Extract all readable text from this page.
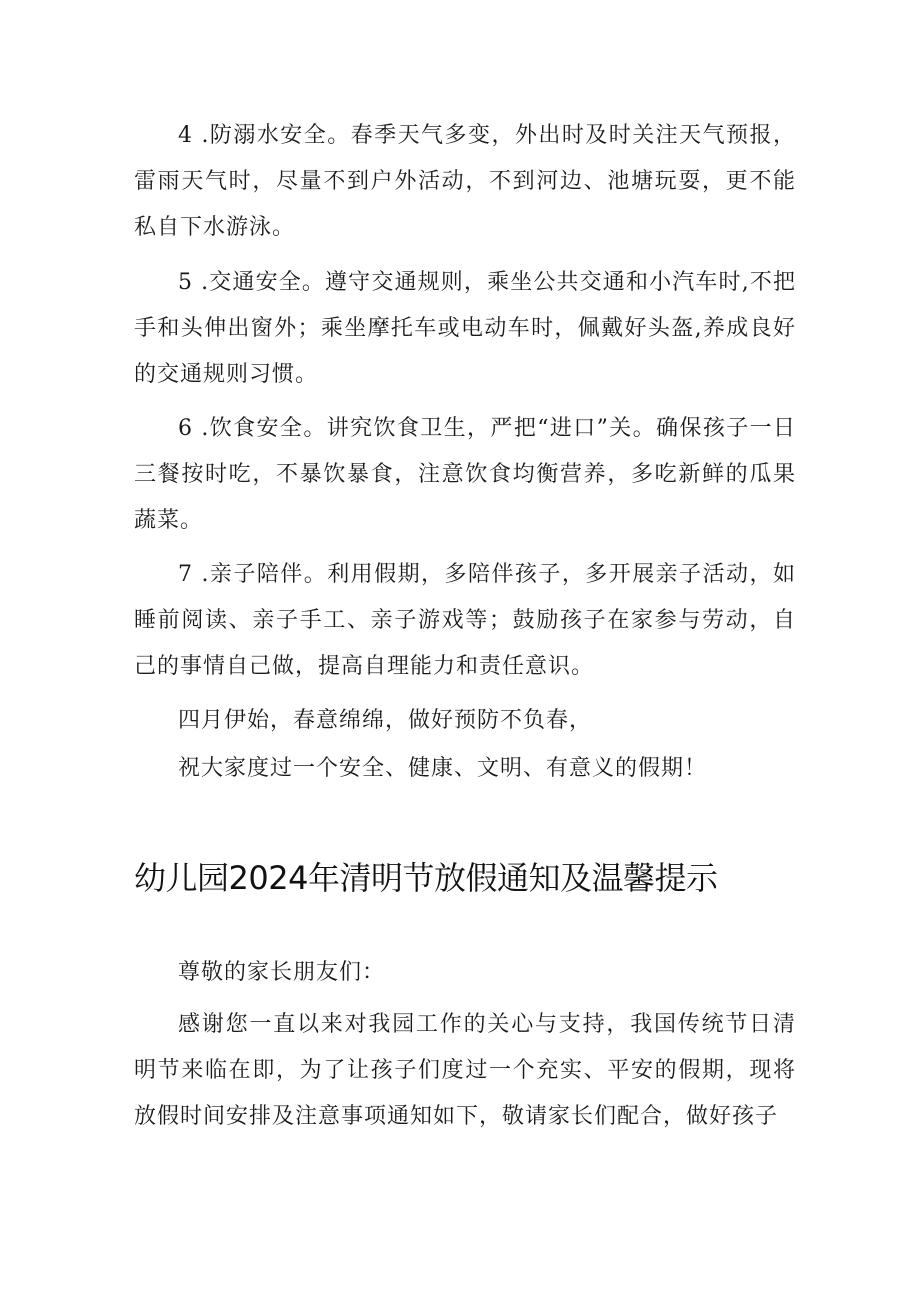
4 .防溺水安全。春季天气多变，外出时及时关注天气预报，雷雨天气时，尽量不到户外活动，不到河边、池塘玩耍，更不能私自下水游泳。

5 .交通安全。遵守交通规则，乘坐公共交通和小汽车时,不把手和头伸出窗外；乘坐摩托车或电动车时，佩戴好头盔,养成良好的交通规则习惯。

6 .饮食安全。讲究饮食卫生，严把“进口”关。确保孩子一日三餐按时吃，不暴饮暴食，注意饮食均衡营养，多吃新鲜的瓜果蔬菜。

7 .亲子陪伴。利用假期，多陪伴孩子，多开展亲子活动，如睡前阅读、亲子手工、亲子游戏等；鼓励孩子在家参与劳动，自己的事情自己做，提高自理能力和责任意识。

四月伊始，春意绵绵，做好预防不负春，

祝大家度过一个安全、健康、文明、有意义的假期！

幼儿园2024年清明节放假通知及温馨提示

尊敬的家长朋友们：

感谢您一直以来对我园工作的关心与支持，我国传统节日清明节来临在即，为了让孩子们度过一个充实、平安的假期，现将放假时间安排及注意事项通知如下，敬请家长们配合，做好孩子
